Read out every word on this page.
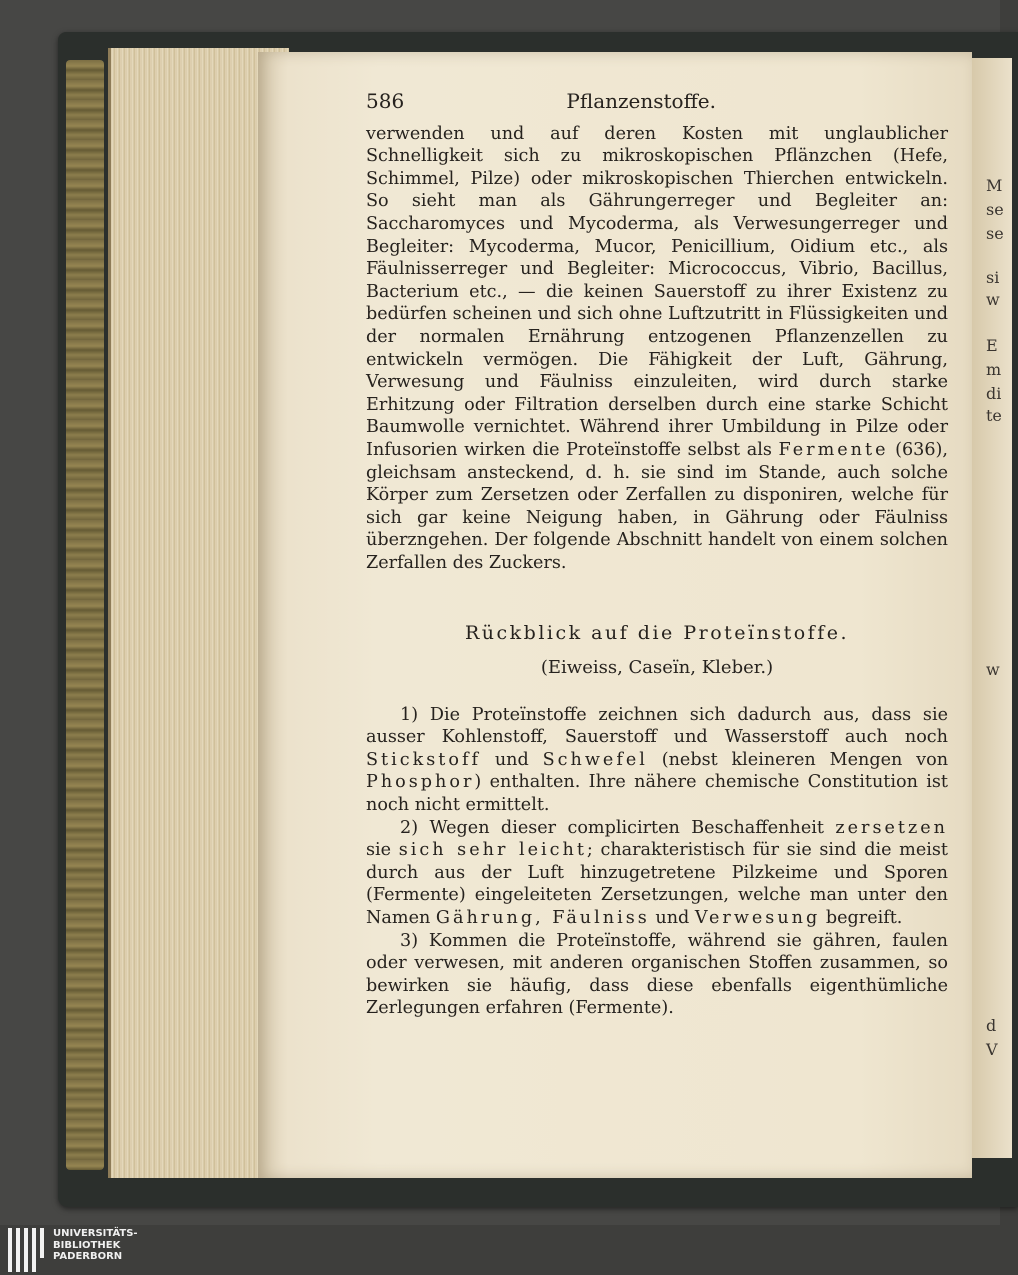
M
se
se
si
w
E
m
di
te
w
d
V
586	Pflanzenstoffe.

verwenden und auf deren Kosten mit unglaublicher Schnelligkeit sich zu mikroskopischen Pflänzchen (Hefe, Schimmel, Pilze) oder mikroskopischen Thierchen entwickeln. So sieht man als Gährungerreger und Begleiter an: Saccharomyces und Mycoderma, als Verwesungerreger und Begleiter: Mycoderma, Mucor, Penicillium, Oidium etc., als Fäulnisserreger und Begleiter: Micrococcus, Vibrio, Bacillus, Bacterium etc., — die keinen Sauerstoff zu ihrer Existenz zu bedürfen scheinen und sich ohne Luftzutritt in Flüssigkeiten und der normalen Ernährung entzogenen Pflanzenzellen zu entwickeln vermögen. Die Fähigkeit der Luft, Gährung, Verwesung und Fäulniss einzuleiten, wird durch starke Erhitzung oder Filtration derselben durch eine starke Schicht Baumwolle vernichtet. Während ihrer Umbildung in Pilze oder Infusorien wirken die Proteïnstoffe selbst als Fermente (636), gleichsam ansteckend, d. h. sie sind im Stande, auch solche Körper zum Zersetzen oder Zerfallen zu disponiren, welche für sich gar keine Neigung haben, in Gährung oder Fäulniss überzngehen. Der folgende Abschnitt handelt von einem solchen Zerfallen des Zuckers.

Rückblick auf die Proteïnstoffe.
(Eiweiss, Caseïn, Kleber.)

1) Die Proteïnstoffe zeichnen sich dadurch aus, dass sie ausser Kohlenstoff, Sauerstoff und Wasserstoff auch noch Stickstoff und Schwefel (nebst kleineren Mengen von Phosphor) enthalten. Ihre nähere chemische Constitution ist noch nicht ermittelt.

2) Wegen dieser complicirten Beschaffenheit zersetzen sie sich sehr leicht; charakteristisch für sie sind die meist durch aus der Luft hinzugetretene Pilzkeime und Sporen (Fermente) eingeleiteten Zersetzungen, welche man unter den Namen Gährung, Fäulniss und Verwesung begreift.

3) Kommen die Proteïnstoffe, während sie gähren, faulen oder verwesen, mit anderen organischen Stoffen zusammen, so bewirken sie häufig, dass diese ebenfalls eigenthümliche Zerlegungen erfahren (Fermente).

UNIVERSITÄTS-
BIBLIOTHEK
PADERBORN
